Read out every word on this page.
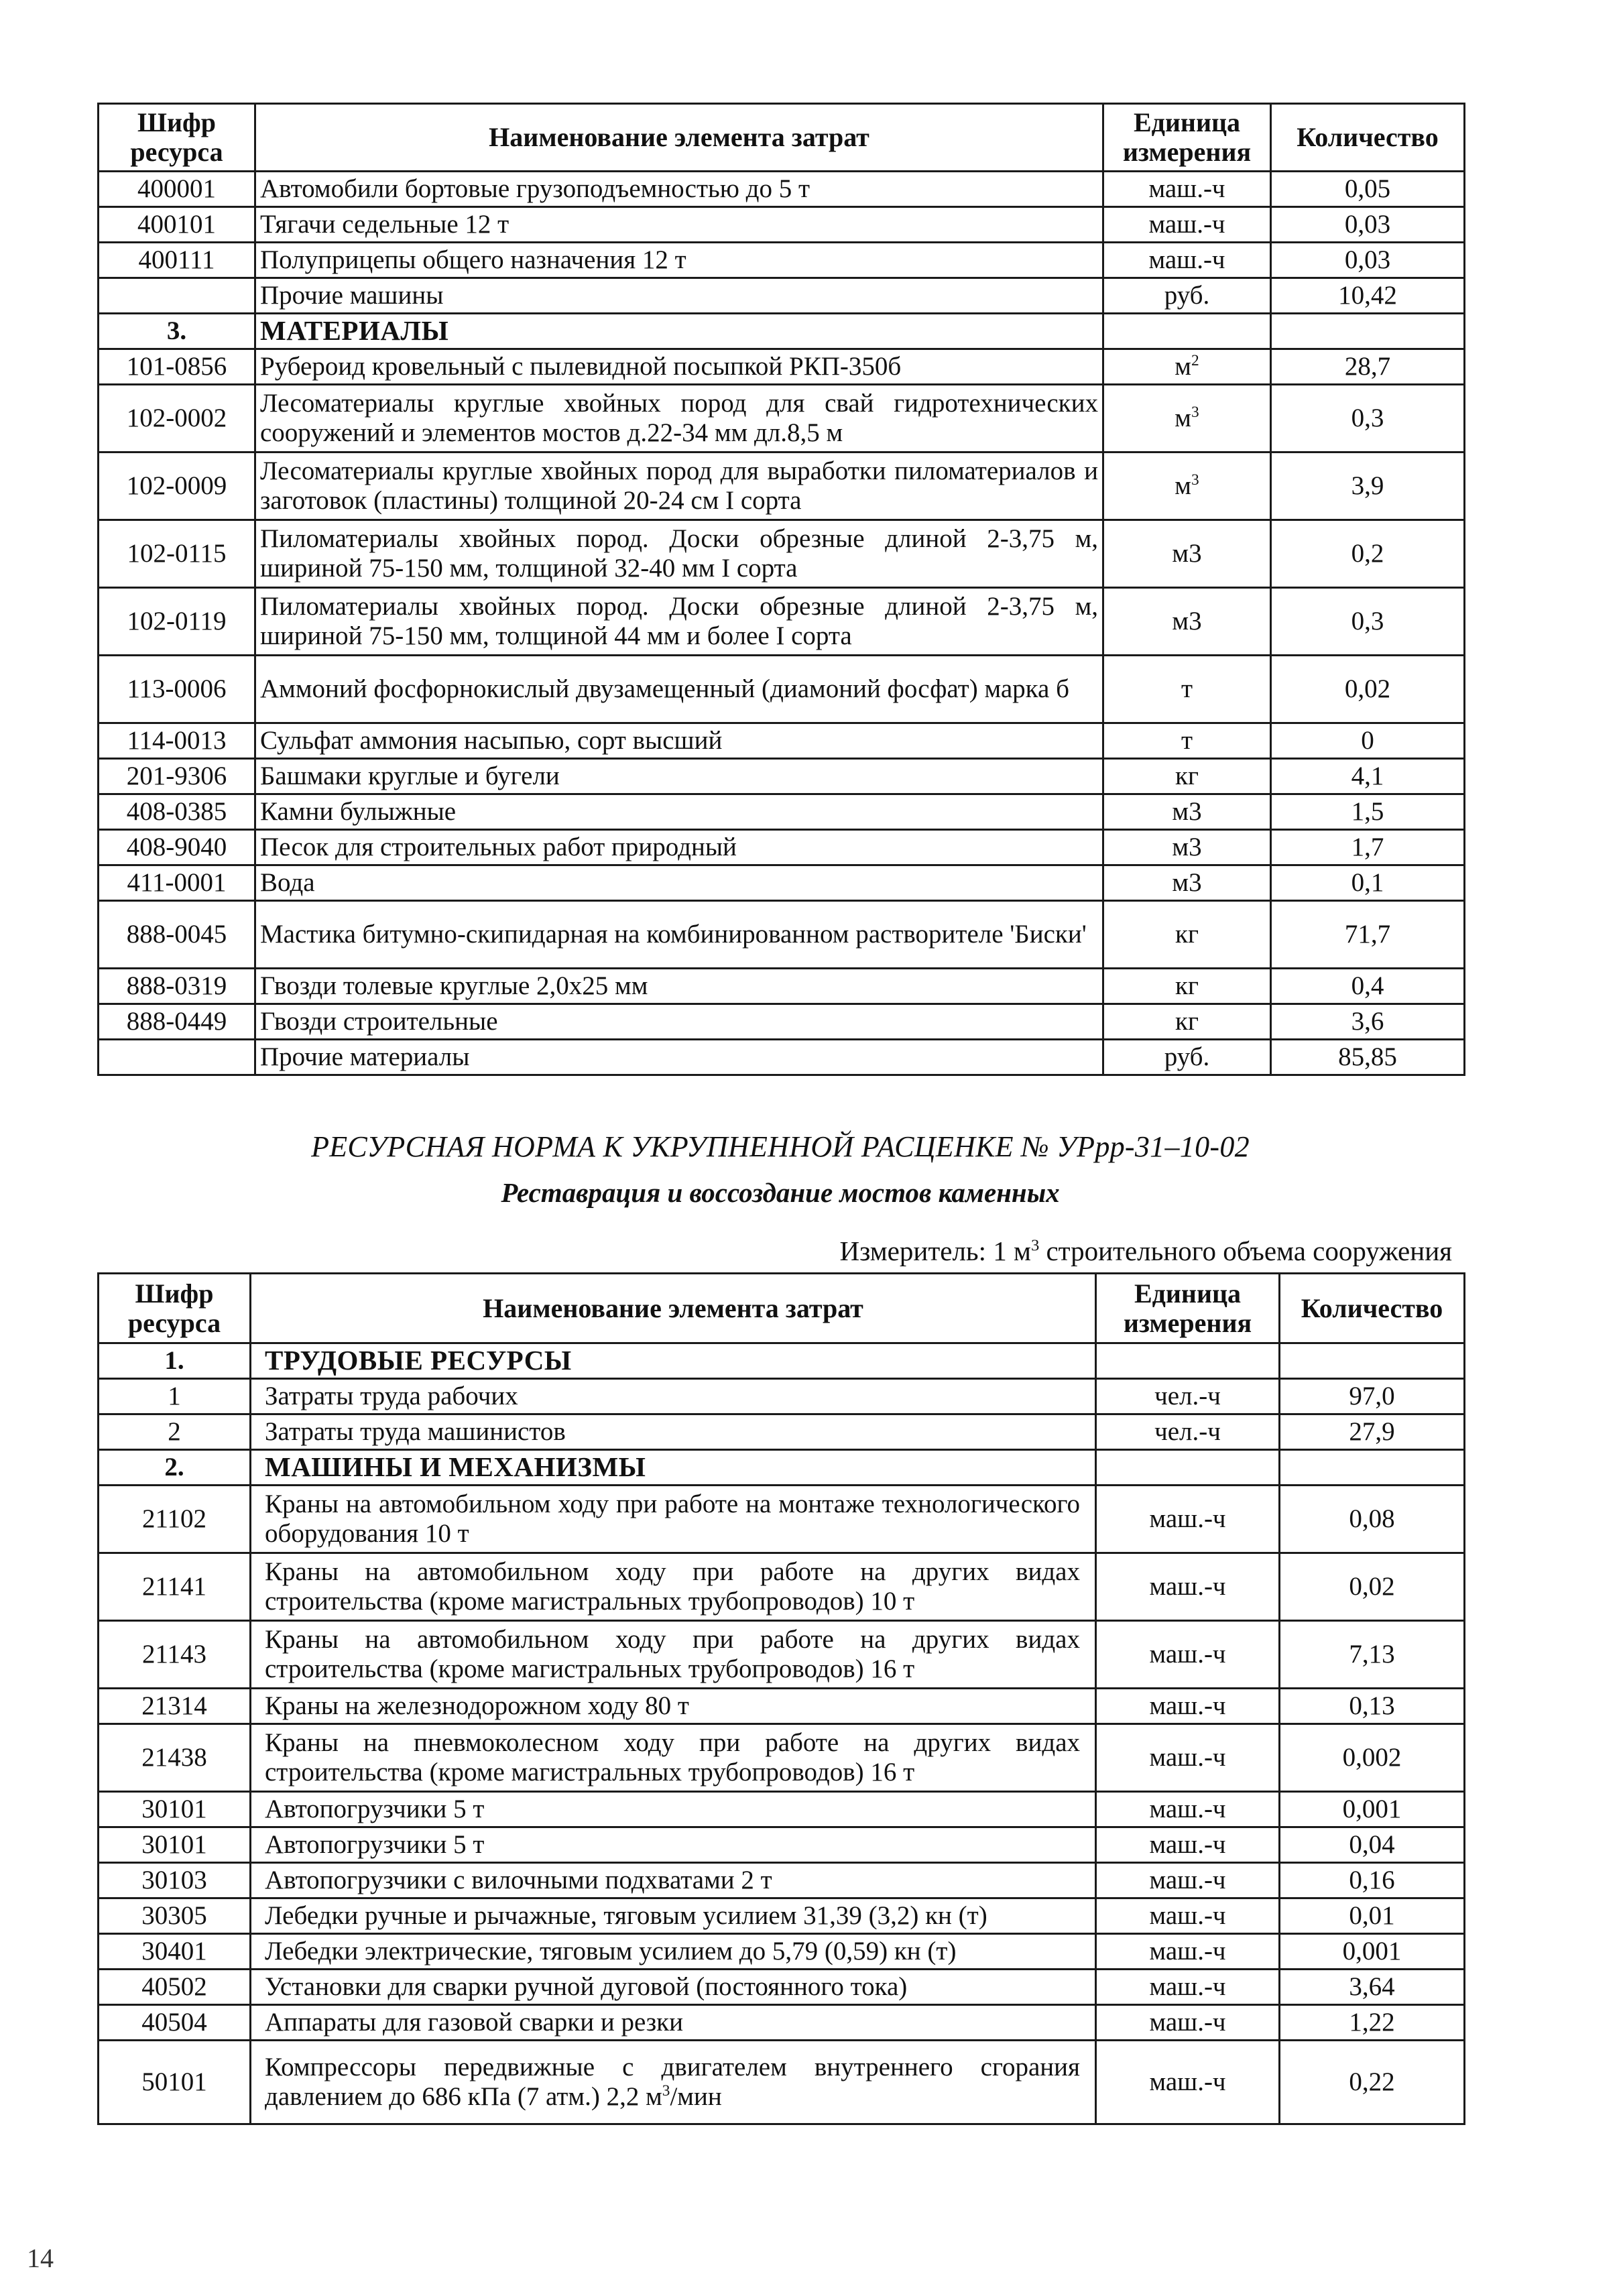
Шифр ресурса	Наименование элемента затрат	Единица измерения	Количество
400001	Автомобили бортовые грузоподъемностью до 5 т	маш.-ч	0,05
400101	Тягачи седельные 12 т	маш.-ч	0,03
400111	Полуприцепы общего назначения 12 т	маш.-ч	0,03
	Прочие машины	руб.	10,42
3.	МАТЕРИАЛЫ		
101-0856	Рубероид кровельный с пылевидной посыпкой РКП-350б	$м^2$	28,7
102-0002	Лесоматериалы круглые хвойных пород для свай гидротехнических сооружений и элементов мостов д.22-34 мм дл.8,5 м	$м^3$	0,3
102-0009	Лесоматериалы круглые хвойных пород для выработки пиломатериалов и заготовок (пластины) толщиной 20-24 см I сорта	$м^3$	3,9
102-0115	Пиломатериалы хвойных пород. Доски обрезные длиной 2-3,75 м, шириной 75-150 мм, толщиной 32-40 мм I сорта	м3	0,2
102-0119	Пиломатериалы хвойных пород. Доски обрезные длиной 2-3,75 м, шириной 75-150 мм, толщиной 44 мм и более I сорта	м3	0,3
113-0006	Аммоний фосфорнокислый двузамещенный (диамоний фосфат) марка б	т	0,02
114-0013	Сульфат аммония насыпью, сорт высший	т	0
201-9306	Башмаки круглые и бугели	кг	4,1
408-0385	Камни булыжные	м3	1,5
408-9040	Песок для строительных работ природный	м3	1,7
411-0001	Вода	м3	0,1
888-0045	Мастика битумно-скипидарная на комбинированном растворителе 'Биски'	кг	71,7
888-0319	Гвозди толевые круглые 2,0х25 мм	кг	0,4
888-0449	Гвозди строительные	кг	3,6
	Прочие материалы	руб.	85,85
РЕСУРСНАЯ НОРМА К УКРУПНЕННОЙ РАСЦЕНКЕ № УРрр-31–10-02
Реставрация и воссоздание мостов каменных
Измеритель: 1 $м^3$ строительного объема сооружения
Шифр ресурса	Наименование элемента затрат	Единица измерения	Количество
1.	ТРУДОВЫЕ РЕСУРСЫ		
1	Затраты труда рабочих	чел.-ч	97,0
2	Затраты труда машинистов	чел.-ч	27,9
2.	МАШИНЫ И МЕХАНИЗМЫ		
21102	Краны на автомобильном ходу при работе на монтаже технологического оборудования 10 т	маш.-ч	0,08
21141	Краны на автомобильном ходу при работе на других видах строительства (кроме магистральных трубопроводов) 10 т	маш.-ч	0,02
21143	Краны на автомобильном ходу при работе на других видах строительства (кроме магистральных трубопроводов) 16 т	маш.-ч	7,13
21314	Краны на железнодорожном ходу 80 т	маш.-ч	0,13
21438	Краны на пневмоколесном ходу при работе на других видах строительства (кроме магистральных трубопроводов) 16 т	маш.-ч	0,002
30101	Автопогрузчики 5 т	маш.-ч	0,001
30101	Автопогрузчики 5 т	маш.-ч	0,04
30103	Автопогрузчики с вилочными подхватами 2 т	маш.-ч	0,16
30305	Лебедки ручные и рычажные, тяговым усилием 31,39 (3,2) кн (т)	маш.-ч	0,01
30401	Лебедки электрические, тяговым усилием до 5,79 (0,59) кн (т)	маш.-ч	0,001
40502	Установки для сварки ручной дуговой (постоянного тока)	маш.-ч	3,64
40504	Аппараты для газовой сварки и резки	маш.-ч	1,22
50101	Компрессоры передвижные с двигателем внутреннего сгорания давлением до 686 кПа (7 атм.) 2,2 $м^3$/мин	маш.-ч	0,22
14
